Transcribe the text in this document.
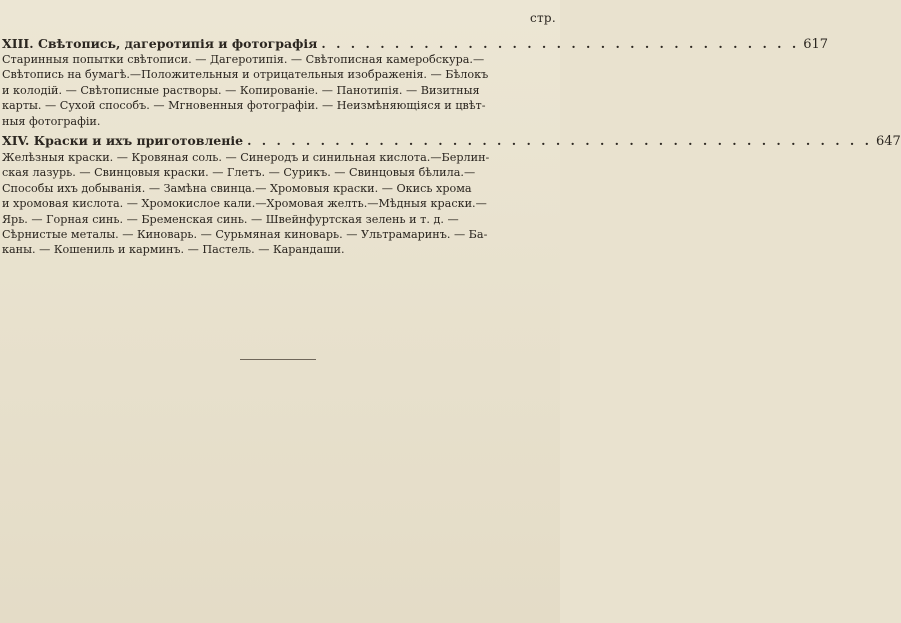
стр.
XIII. Свѣтопись, дагеротипія и фотографія . . . . . . . . . . . . . . . . . . . . . . . . . . . . . . . . . 617
Старинныя попытки свѣтописи. — Дагеротипія. — Свѣтописная камеробскура.—
Свѣтопись на бумагѣ.—Положительныя и отрицательныя изображенія. — Бѣлокъ
и колодій. — Свѣтописные растворы. — Копированіе. — Панотипія. — Визитныя
карты. — Сухой способъ. — Мгновенныя фотографіи. — Неизмѣняющіяся и цвѣт-
ныя фотографіи.
XIV. Краски и ихъ приготовленіе . . . . . . . . . . . . . . . . . . . . . . . . . . . . . . . . . . . . . . . . . . . 647
Желѣзныя краски. — Кровяная соль. — Синеродъ и синильная кислота.—Берлин-
ская лазурь. — Свинцовыя краски. — Глетъ. — Сурикъ. — Свинцовыя бѣлила.—
Способы ихъ добыванія. — Замѣна свинца.— Хромовыя краски. — Окись хрома
и хромовая кислота. — Хромокислое кали.—Хромовая желть.—Мѣдныя краски.—
Ярь. — Горная синь. — Бременская синь. — Швейнфуртская зелень и т. д. —
Сѣрнистые металы. — Киноварь. — Сурьмяная киноварь. — Ультрамаринъ. — Ба-
каны. — Кошениль и карминъ. — Пастель. — Карандаши.
